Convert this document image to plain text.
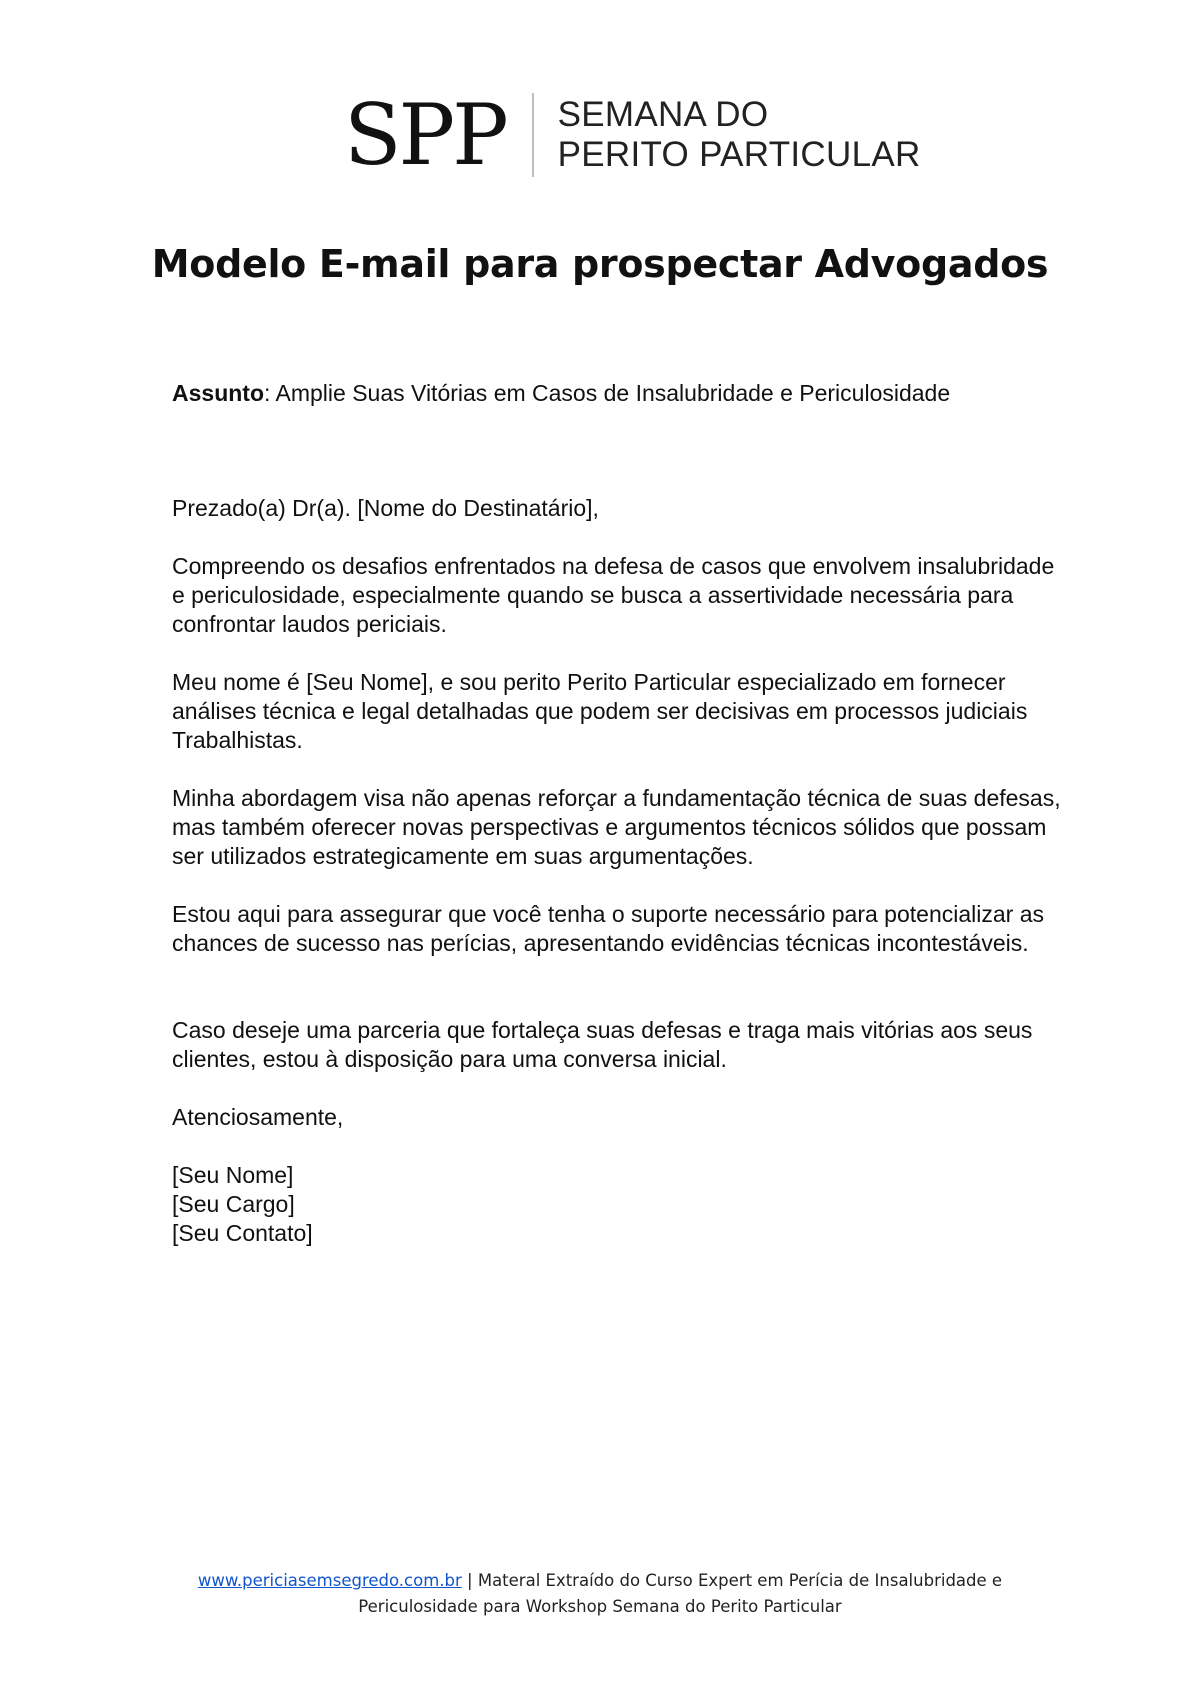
SPP SEMANA DO
PERITO PARTICULAR
Modelo E-mail para prospectar Advogados
Assunto: Amplie Suas Vitórias em Casos de Insalubridade e Periculosidade

Prezado(a) Dr(a). [Nome do Destinatário],

Compreendo os desafios enfrentados na defesa de casos que envolvem insalubridade e periculosidade, especialmente quando se busca a assertividade necessária para confrontar laudos periciais.

Meu nome é [Seu Nome], e sou perito Perito Particular especializado em fornecer análises técnica e legal detalhadas que podem ser decisivas em processos judiciais Trabalhistas.

Minha abordagem visa não apenas reforçar a fundamentação técnica de suas defesas, mas também oferecer novas perspectivas e argumentos técnicos sólidos que possam ser utilizados estrategicamente em suas argumentações.

Estou aqui para assegurar que você tenha o suporte necessário para potencializar as chances de sucesso nas perícias, apresentando evidências técnicas incontestáveis.

Caso deseje uma parceria que fortaleça suas defesas e traga mais vitórias aos seus clientes, estou à disposição para uma conversa inicial.

Atenciosamente,

[Seu Nome]

[Seu Cargo]

[Seu Contato]

www.periciasemsegredo.com.br | Materal Extraído do Curso Expert em Perícia de Insalubridade e
Periculosidade para Workshop Semana do Perito Particular
